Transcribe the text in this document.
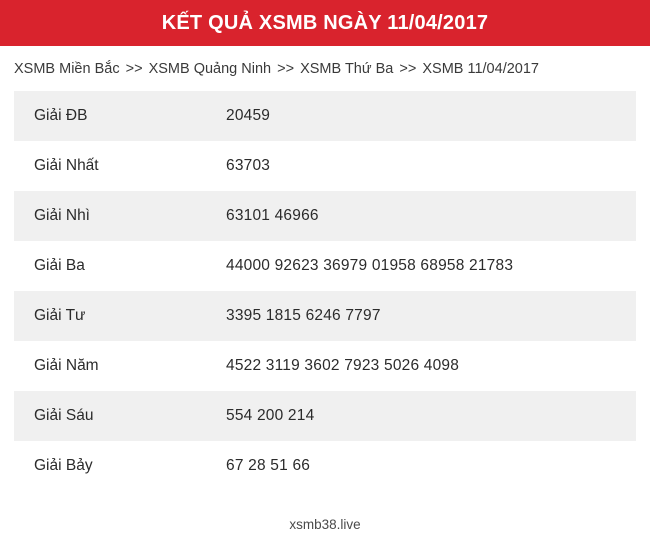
KẾT QUẢ XSMB NGÀY 11/04/2017
XSMB Miền Bắc >> XSMB Quảng Ninh >> XSMB Thứ Ba >> XSMB 11/04/2017
Giải ĐB	20459
Giải Nhất	63703
Giải Nhì	63101 46966
Giải Ba	44000 92623 36979 01958 68958 21783
Giải Tư	3395 1815 6246 7797
Giải Năm	4522 3119 3602 7923 5026 4098
Giải Sáu	554 200 214
Giải Bảy	67 28 51 66
xsmb38.live
